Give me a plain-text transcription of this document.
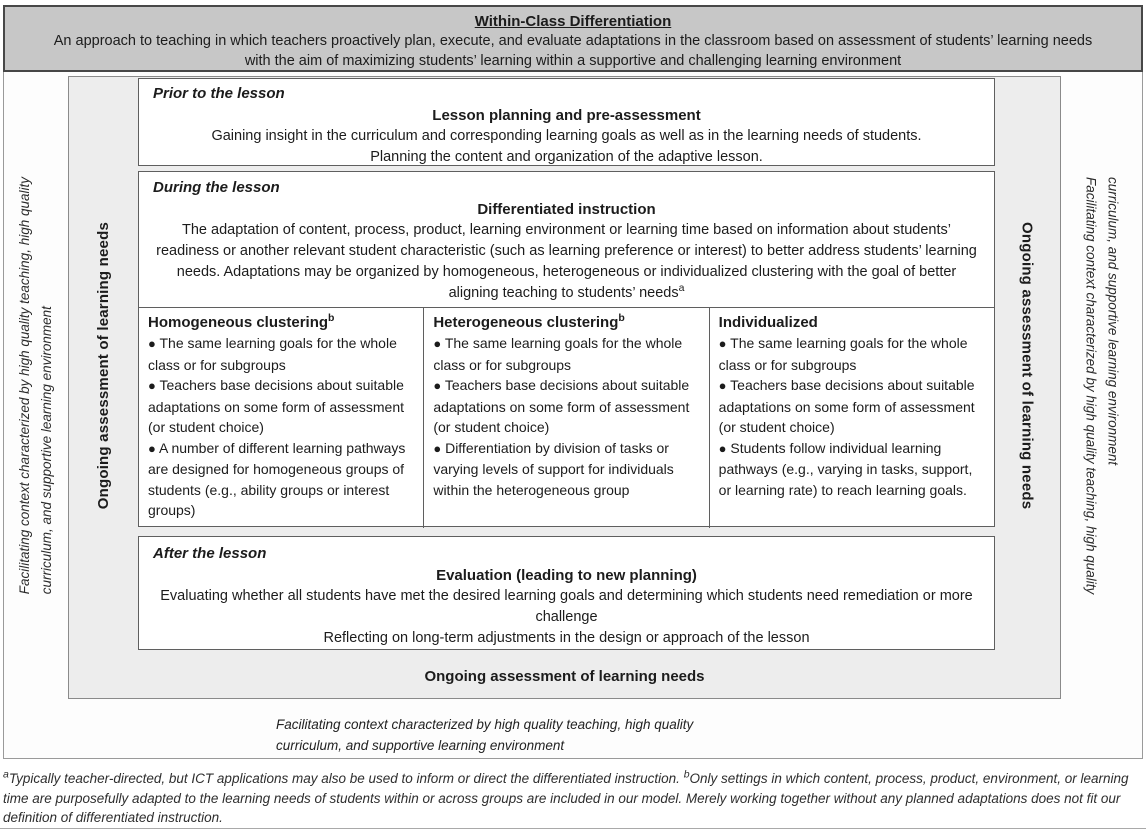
Within-Class Differentiation
An approach to teaching in which teachers proactively plan, execute, and evaluate adaptations in the classroom based on assessment of students’ learning needs
with the aim of maximizing students’ learning within a supportive and challenging learning environment
Facilitating context characterized by high quality teaching, high quality curriculum, and supportive learning environment	Facilitating context characterized by high quality teaching, high quality curriculum, and supportive learning environment
Ongoing assessment of learning needs	Ongoing assessment of learning needs
Prior to the lesson
Lesson planning and pre-assessment
Gaining insight in the curriculum and corresponding learning goals as well as in the learning needs of students.
Planning the content and organization of the adaptive lesson.
During the lesson
Differentiated instruction
The adaptation of content, process, product, learning environment or learning time based on information about students’ readiness or another relevant student characteristic (such as learning preference or interest) to better address students’ learning needs. Adaptations may be organized by homogeneous, heterogeneous or individualized clustering with the goal of better aligning teaching to students’ needs$^a$
Homogeneous clustering$^b$
● The same learning goals for the whole class or for subgroups
● Teachers base decisions about suitable adaptations on some form of assessment (or student choice)
● A number of different learning pathways are designed for homogeneous groups of students (e.g., ability groups or interest groups)
Heterogeneous clustering$^b$
● The same learning goals for the whole class or for subgroups
● Teachers base decisions about suitable adaptations on some form of assessment (or student choice)
● Differentiation by division of tasks or varying levels of support for individuals within the heterogeneous group
Individualized
● The same learning goals for the whole class or for subgroups
● Teachers base decisions about suitable adaptations on some form of assessment (or student choice)
● Students follow individual learning pathways (e.g., varying in tasks, support, or learning rate) to reach learning goals.
After the lesson
Evaluation (leading to new planning)
Evaluating whether all students have met the desired learning goals and determining which students need remediation or more challenge
Reflecting on long-term adjustments in the design or approach of the lesson
Ongoing assessment of learning needs
Facilitating context characterized by high quality teaching, high quality
curriculum, and supportive learning environment
$^a$Typically teacher-directed, but ICT applications may also be used to inform or direct the differentiated instruction. $^b$Only settings in which content, process, product, environment, or learning time are purposefully adapted to the learning needs of students within or across groups are included in our model. Merely working together without any planned adaptations does not fit our definition of differentiated instruction.
